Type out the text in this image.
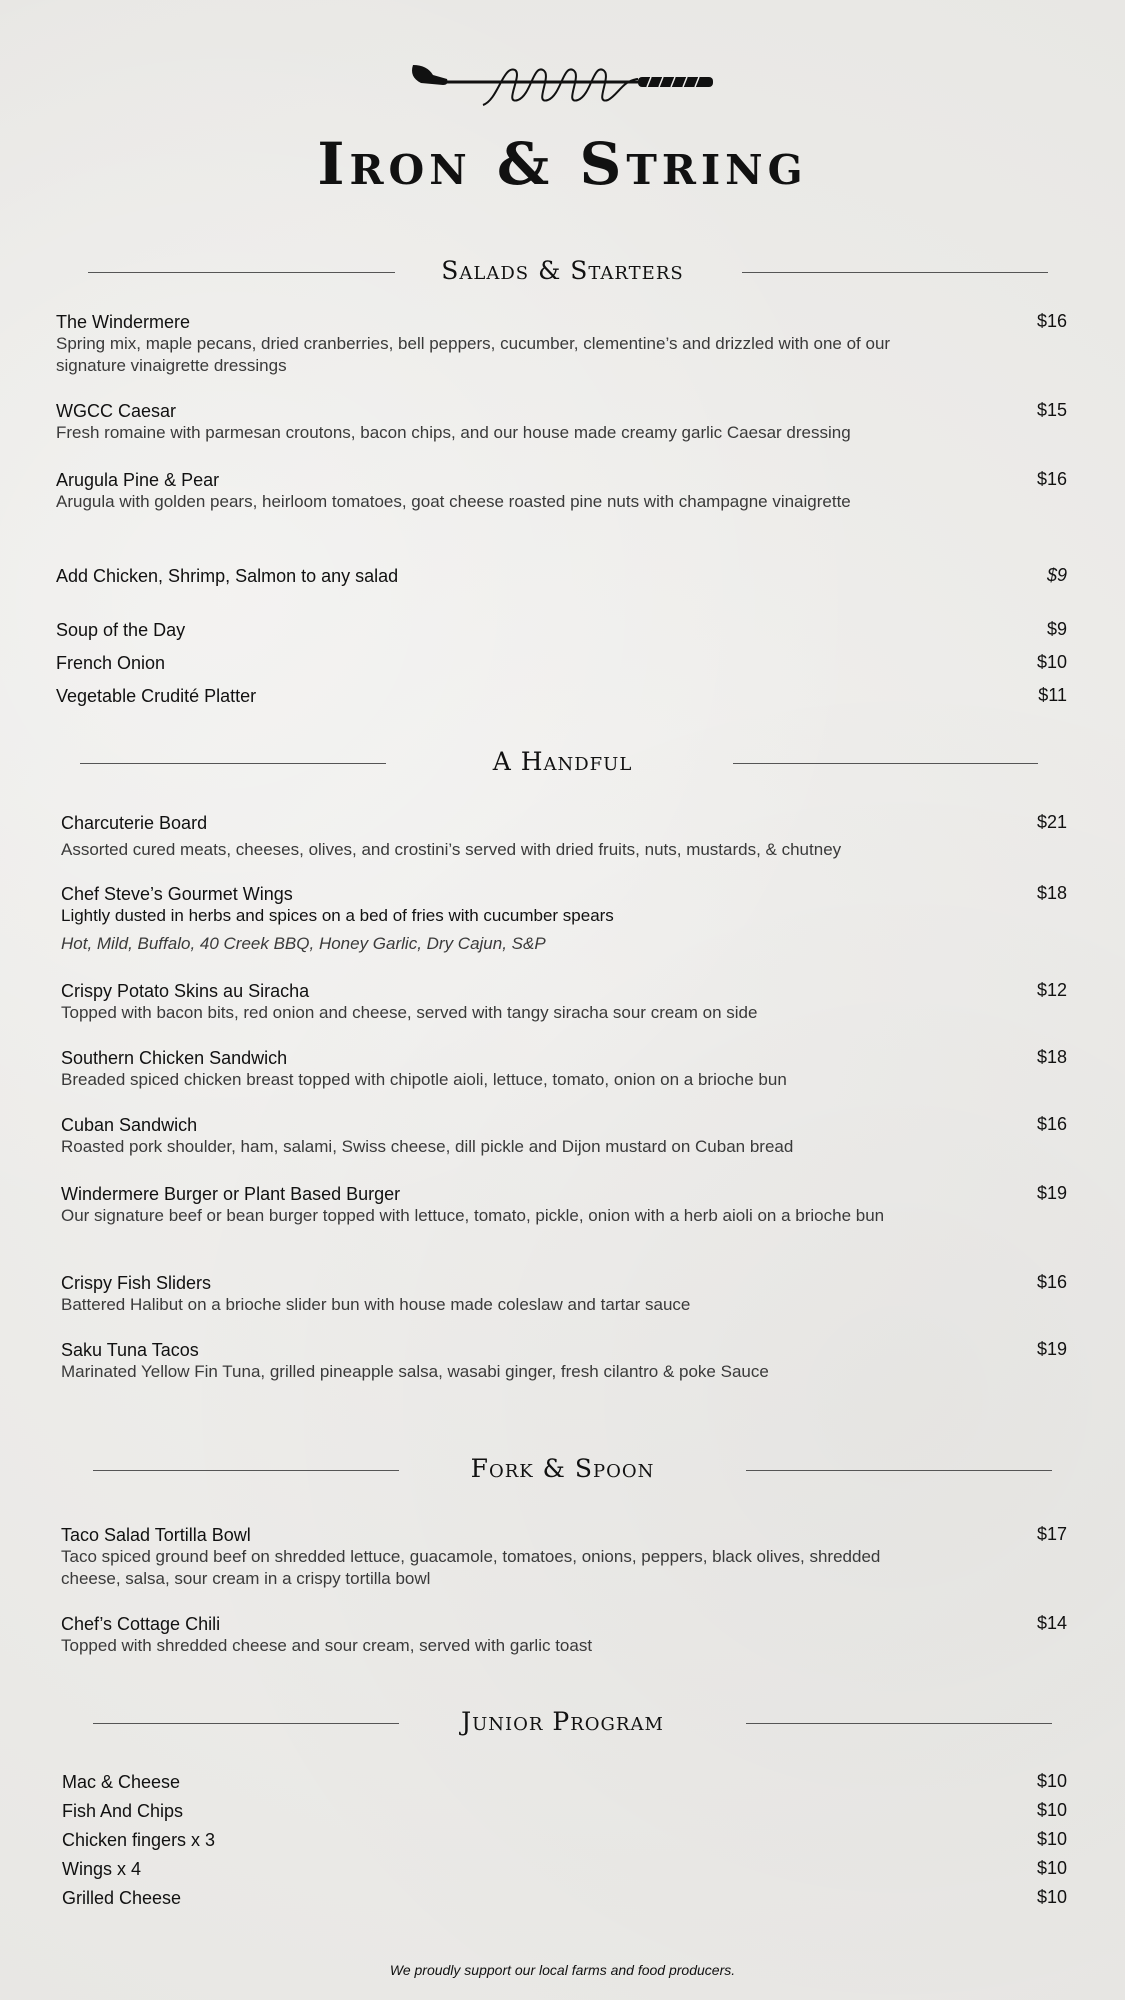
Iron & String
Salads & Starters
The Windermere
Spring mix, maple pecans, dried cranberries, bell peppers, cucumber, clementine’s and drizzled with one of our signature vinaigrette dressings
$16
WGCC Caesar
Fresh romaine with parmesan croutons, bacon chips, and our house made creamy garlic Caesar dressing
$15
Arugula Pine & Pear
Arugula with golden pears, heirloom tomatoes, goat cheese roasted pine nuts with champagne vinaigrette
$16
Add Chicken, Shrimp, Salmon to any salad	$9
Soup of the Day	$9
French Onion	$10
Vegetable Crudité Platter	$11
A Handful
Charcuterie Board
Assorted cured meats, cheeses, olives, and crostini’s served with dried fruits, nuts, mustards, & chutney
$21
Chef Steve’s Gourmet Wings
Lightly dusted in herbs and spices on a bed of fries with cucumber spears
Hot, Mild, Buffalo, 40 Creek BBQ, Honey Garlic, Dry Cajun, S&P
$18
Crispy Potato Skins au Siracha
Topped with bacon bits, red onion and cheese, served with tangy siracha sour cream on side
$12
Southern Chicken Sandwich
Breaded spiced chicken breast topped with chipotle aioli, lettuce, tomato, onion on a brioche bun
$18
Cuban Sandwich
Roasted pork shoulder, ham, salami, Swiss cheese, dill pickle and Dijon mustard on Cuban bread
$16
Windermere Burger or Plant Based Burger
Our signature beef or bean burger topped with lettuce, tomato, pickle, onion with a herb aioli on a brioche bun
$19
Crispy Fish Sliders
Battered Halibut on a brioche slider bun with house made coleslaw and tartar sauce
$16
Saku Tuna Tacos
Marinated Yellow Fin Tuna, grilled pineapple salsa, wasabi ginger, fresh cilantro & poke Sauce
$19
Fork & Spoon
Taco Salad Tortilla Bowl
Taco spiced ground beef on shredded lettuce, guacamole, tomatoes, onions, peppers, black olives, shredded cheese, salsa, sour cream in a crispy tortilla bowl
$17
Chef’s Cottage Chili
Topped with shredded cheese and sour cream, served with garlic toast
$14
Junior Program
Mac & Cheese	$10
Fish And Chips	$10
Chicken fingers x 3	$10
Wings x 4	$10
Grilled Cheese	$10
We proudly support our local farms and food producers.
